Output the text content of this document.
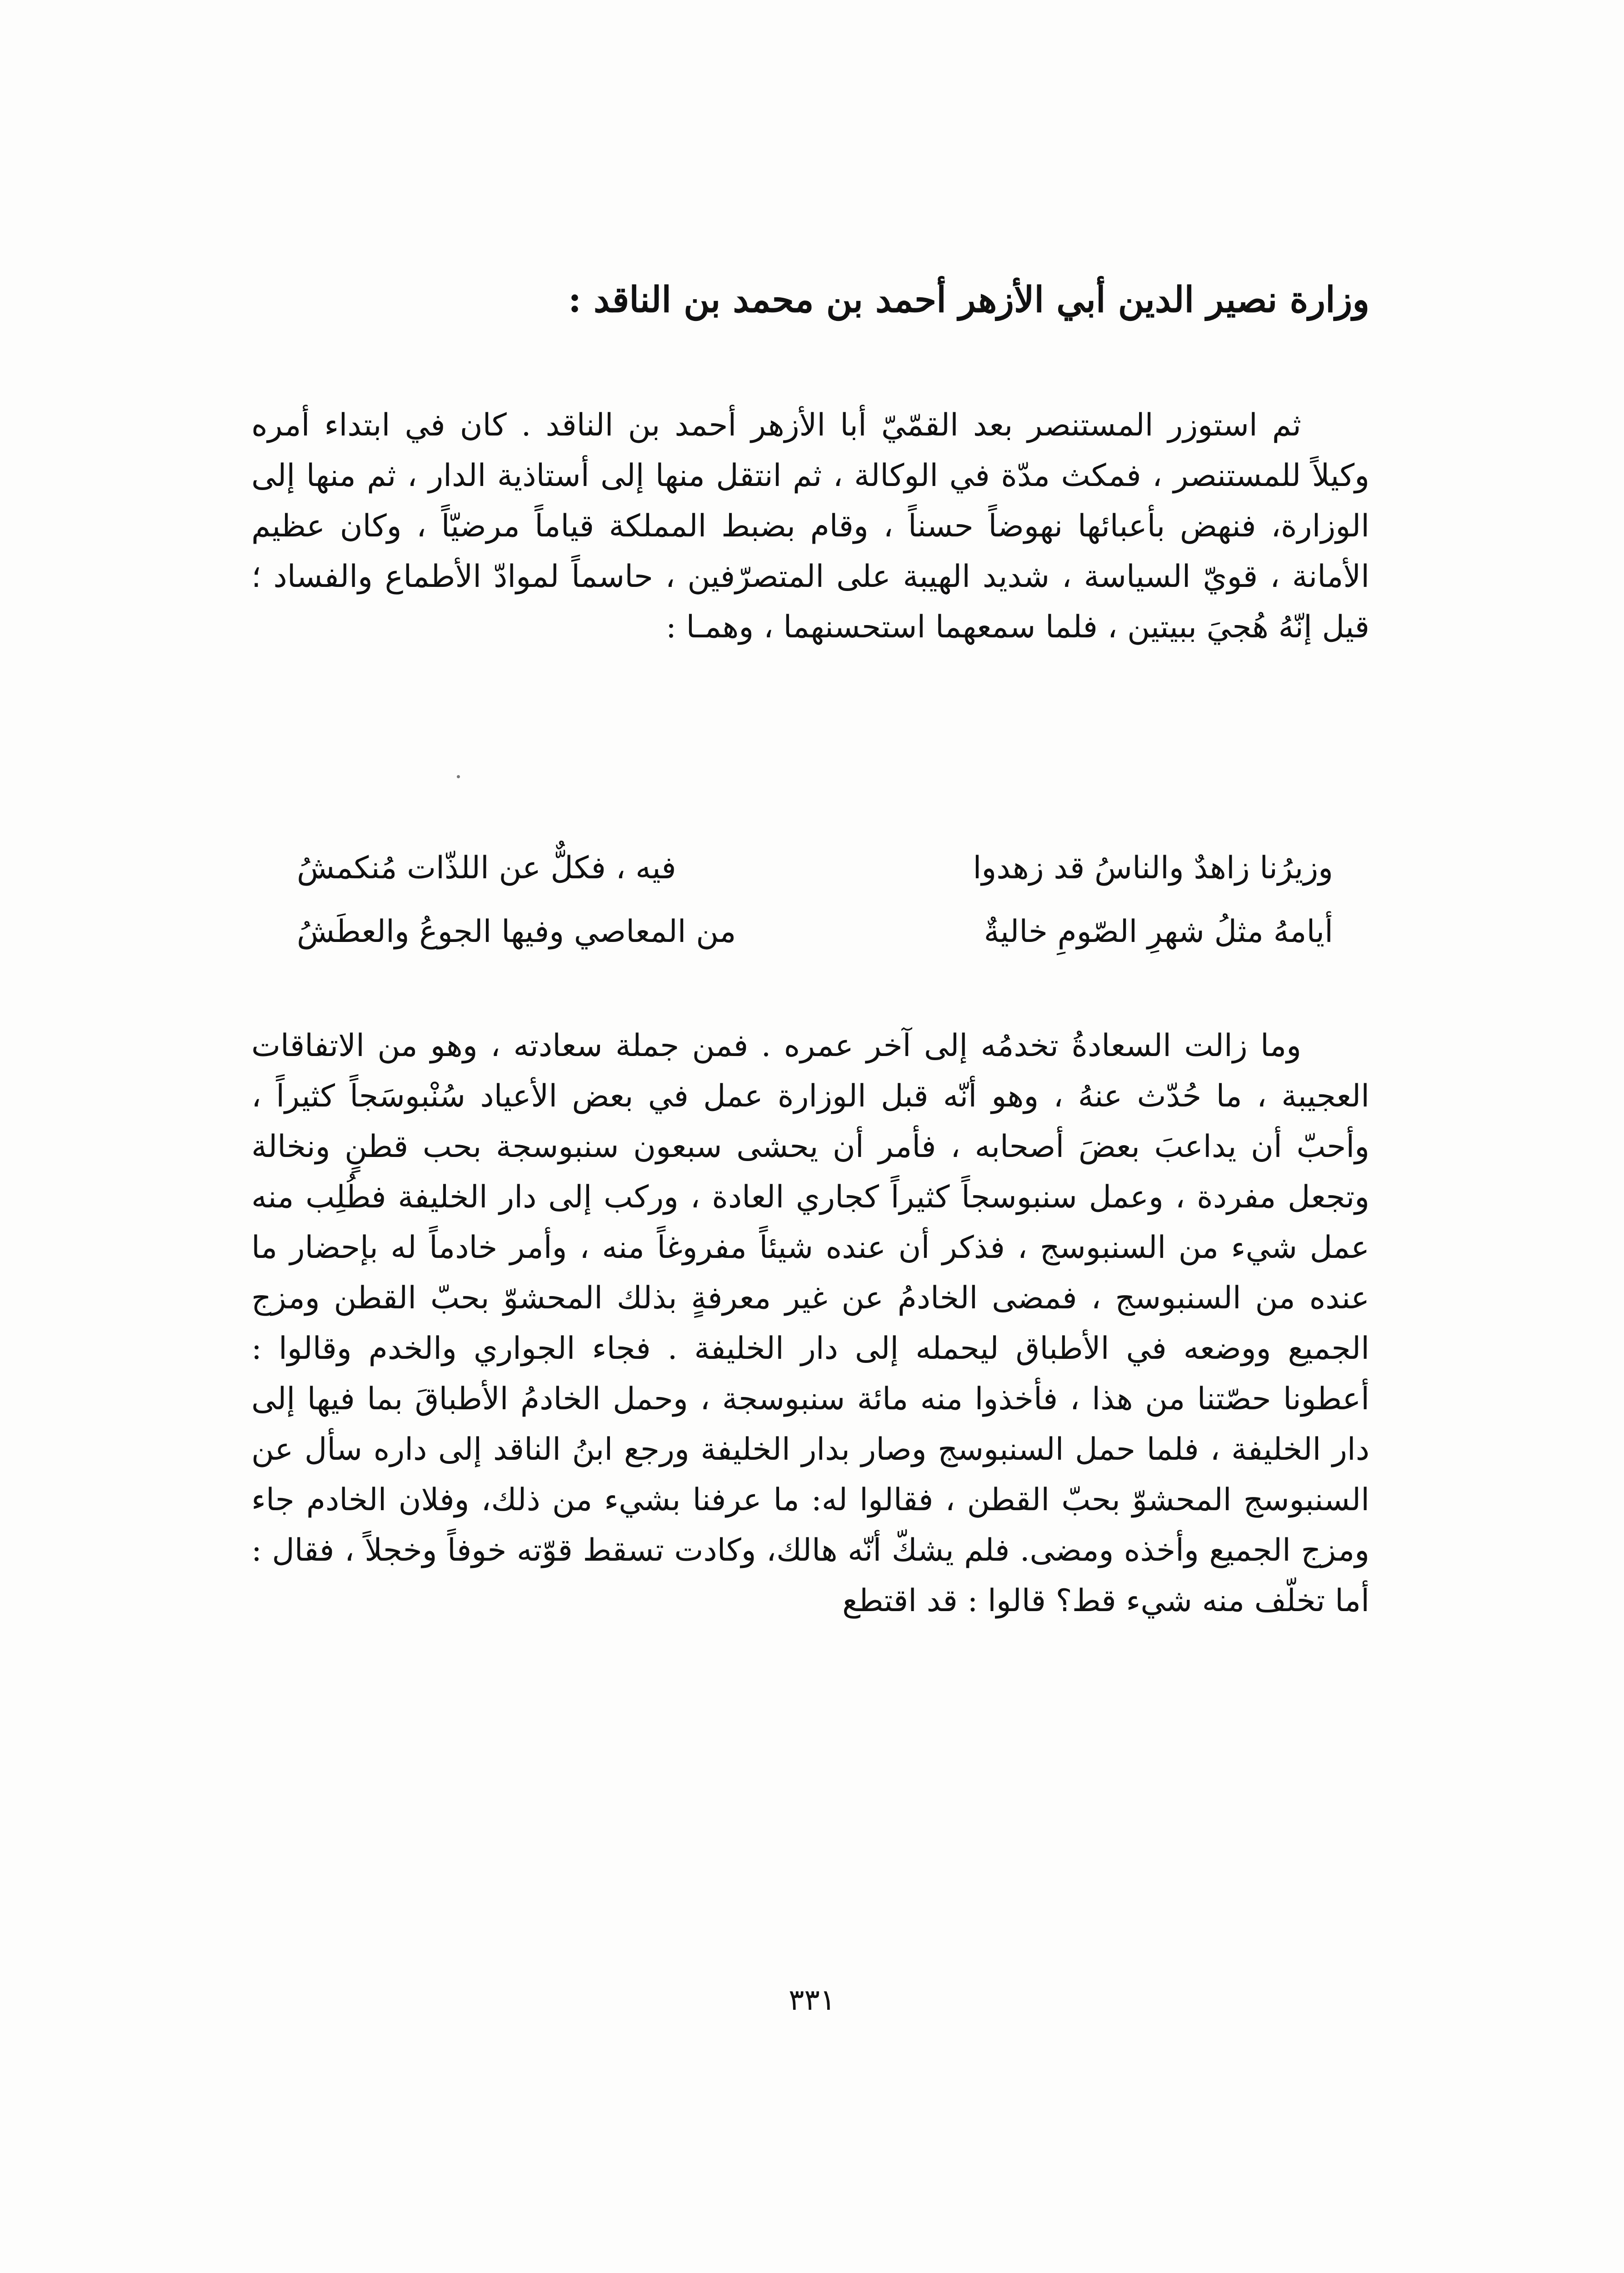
وزارة نصير الدين أبي الأزهر أحمد بن محمد بن الناقد :

ثم استوزر المستنصر بعد القمّيّ أبا الأزهر أحمد بن الناقد . كان في ابتداء أمره وكيلاً للمستنصر ، فمكث مدّة في الوكالة ، ثم انتقل منها إلى أستاذية الدار ، ثم منها إلى الوزارة، فنهض بأعبائها نهوضاً حسناً ، وقام بضبط المملكة قياماً مرضيّاً ، وكان عظيم الأمانة ، قويّ السياسة ، شديد الهيبة على المتصرّفين ، حاسماً لموادّ الأطماع والفساد ؛ قيل إنّهُ هُجيَ ببيتين ، فلما سمعهما استحسنهما ، وهمـا :

وزيرُنا زاهدٌ والناسُ قد زهدوا
فيه ، فكلٌّ عن اللذّات مُنكمشُ
أيامهُ مثلُ شهرِ الصّومِ خاليةٌ
من المعاصي وفيها الجوعُ والعطَشُ

وما زالت السعادةُ تخدمُه إلى آخر عمره . فمن جملة سعادته ، وهو من الاتفاقات العجيبة ، ما حُدّث عنهُ ، وهو أنّه قبل الوزارة عمل في بعض الأعياد سُنْبوسَجاً كثيراً ، وأحبّ أن يداعبَ بعضَ أصحابه ، فأمر أن يحشى سبعون سنبوسجة بحب قطنٍ ونخالة وتجعل مفردة ، وعمل سنبوسجاً كثيراً كجاري العادة ، وركب إلى دار الخليفة فطُلِب منه عمل شيء من السنبوسج ، فذكر أن عنده شيئاً مفروغاً منه ، وأمر خادماً له بإحضار ما عنده من السنبوسج ، فمضى الخادمُ عن غير معرفةٍ بذلك المحشوّ بحبّ القطن ومزج الجميع ووضعه في الأطباق ليحمله إلى دار الخليفة . فجاء الجواري والخدم وقالوا : أعطونا حصّتنا من هذا ، فأخذوا منه مائة سنبوسجة ، وحمل الخادمُ الأطباقَ بما فيها إلى دار الخليفة ، فلما حمل السنبوسج وصار بدار الخليفة ورجع ابنُ الناقد إلى داره سأل عن السنبوسج المحشوّ بحبّ القطن ، فقالوا له: ما عرفنا بشيء من ذلك، وفلان الخادم جاء ومزج الجميع وأخذه ومضى. فلم يشكّ أنّه هالك، وكادت تسقط قوّته خوفاً وخجلاً ، فقال : أما تخلّف منه شيء قط؟ قالوا : قد اقتطع

٣٣١
